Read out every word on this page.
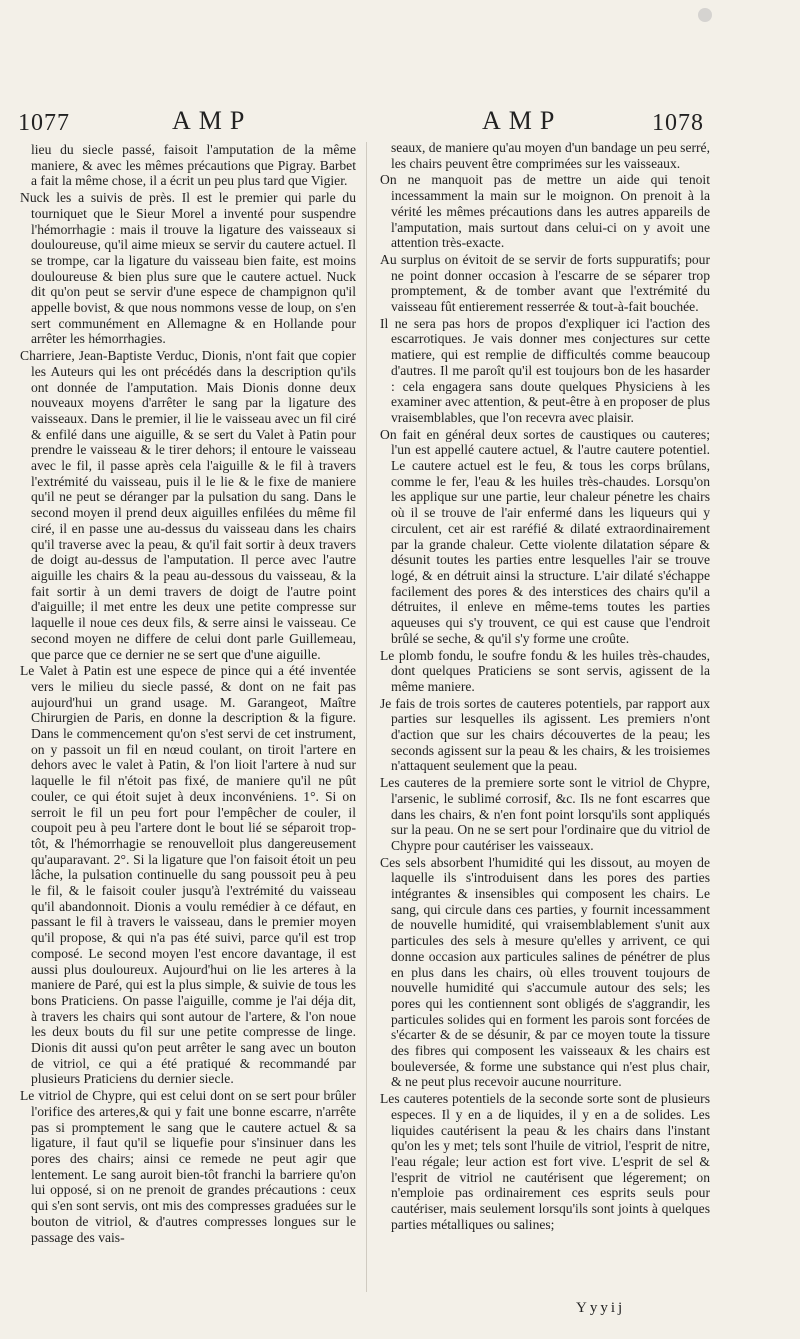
1077	AMP	AMP	1078

lieu du siecle passé, faisoit l'amputation de la même maniere, & avec les mêmes précautions que Pigray. Barbet a fait la même chose, il a écrit un peu plus tard que Vigier.

Nuck les a suivis de près. Il est le premier qui parle du tourniquet que le Sieur Morel a inventé pour suspendre l'hémorrhagie : mais il trouve la ligature des vaisseaux si douloureuse, qu'il aime mieux se servir du cautere actuel. Il se trompe, car la ligature du vaisseau bien faite, est moins douloureuse & bien plus sure que le cautere actuel. Nuck dit qu'on peut se servir d'une espece de champignon qu'il appelle bovist, & que nous nommons vesse de loup, on s'en sert communément en Allemagne & en Hollande pour arrêter les hémorrhagies.

Charriere, Jean-Baptiste Verduc, Dionis, n'ont fait que copier les Auteurs qui les ont précédés dans la description qu'ils ont donnée de l'amputation. Mais Dionis donne deux nouveaux moyens d'arrêter le sang par la ligature des vaisseaux. Dans le premier, il lie le vaisseau avec un fil ciré & enfilé dans une aiguille, & se sert du Valet à Patin pour prendre le vaisseau & le tirer dehors; il entoure le vaisseau avec le fil, il passe après cela l'aiguille & le fil à travers l'extrémité du vaisseau, puis il le lie & le fixe de maniere qu'il ne peut se déranger par la pulsation du sang. Dans le second moyen il prend deux aiguilles enfilées du même fil ciré, il en passe une au-dessus du vaisseau dans les chairs qu'il traverse avec la peau, & qu'il fait sortir à deux travers de doigt au-dessus de l'amputation. Il perce avec l'autre aiguille les chairs & la peau au-dessous du vaisseau, & la fait sortir à un demi travers de doigt de l'autre point d'aiguille; il met entre les deux une petite compresse sur laquelle il noue ces deux fils, & serre ainsi le vaisseau. Ce second moyen ne differe de celui dont parle Guillemeau, que parce que ce dernier ne se sert que d'une aiguille.

Le Valet à Patin est une espece de pince qui a été inventée vers le milieu du siecle passé, & dont on ne fait pas aujourd'hui un grand usage. M. Garangeot, Maître Chirurgien de Paris, en donne la description & la figure. Dans le commencement qu'on s'est servi de cet instrument, on y passoit un fil en nœud coulant, on tiroit l'artere en dehors avec le valet à Patin, & l'on lioit l'artere à nud sur laquelle le fil n'étoit pas fixé, de maniere qu'il ne pût couler, ce qui étoit sujet à deux inconvéniens. 1°. Si on serroit le fil un peu fort pour l'empêcher de couler, il coupoit peu à peu l'artere dont le bout lié se séparoit trop-tôt, & l'hémorrhagie se renouvelloit plus dangereusement qu'auparavant. 2°. Si la ligature que l'on faisoit étoit un peu lâche, la pulsation continuelle du sang poussoit peu à peu le fil, & le faisoit couler jusqu'à l'extrémité du vaisseau qu'il abandonnoit. Dionis a voulu remédier à ce défaut, en passant le fil à travers le vaisseau, dans le premier moyen qu'il propose, & qui n'a pas été suivi, parce qu'il est trop composé. Le second moyen l'est encore davantage, il est aussi plus douloureux. Aujourd'hui on lie les arteres à la maniere de Paré, qui est la plus simple, & suivie de tous les bons Praticiens. On passe l'aiguille, comme je l'ai déja dit, à travers les chairs qui sont autour de l'artere, & l'on noue les deux bouts du fil sur une petite compresse de linge. Dionis dit aussi qu'on peut arrêter le sang avec un bouton de vitriol, ce qui a été pratiqué & recommandé par plusieurs Praticiens du dernier siecle.

Le vitriol de Chypre, qui est celui dont on se sert pour brûler l'orifice des arteres,& qui y fait une bonne escarre, n'arrête pas si promptement le sang que le cautere actuel & sa ligature, il faut qu'il se liquefie pour s'insinuer dans les pores des chairs; ainsi ce remede ne peut agir que lentement. Le sang auroit bien-tôt franchi la barriere qu'on lui opposé, si on ne prenoit de grandes précautions : ceux qui s'en sont servis, ont mis des compresses graduées sur le bouton de vitriol, & d'autres compresses longues sur le passage des vais-

seaux, de maniere qu'au moyen d'un bandage un peu serré, les chairs peuvent être comprimées sur les vaisseaux.

On ne manquoit pas de mettre un aide qui tenoit incessamment la main sur le moignon. On prenoit à la vérité les mêmes précautions dans les autres appareils de l'amputation, mais surtout dans celui-ci on y avoit une attention très-exacte.

Au surplus on évitoit de se servir de forts suppuratifs; pour ne point donner occasion à l'escarre de se séparer trop promptement, & de tomber avant que l'extrémité du vaisseau fût entierement resserrée & tout-à-fait bouchée.

Il ne sera pas hors de propos d'expliquer ici l'action des escarrotiques. Je vais donner mes conjectures sur cette matiere, qui est remplie de difficultés comme beaucoup d'autres. Il me paroît qu'il est toujours bon de les hasarder : cela engagera sans doute quelques Physiciens à les examiner avec attention, & peut-être à en proposer de plus vraisemblables, que l'on recevra avec plaisir.

On fait en général deux sortes de caustiques ou cauteres; l'un est appellé cautere actuel, & l'autre cautere potentiel. Le cautere actuel est le feu, & tous les corps brûlans, comme le fer, l'eau & les huiles très-chaudes. Lorsqu'on les applique sur une partie, leur chaleur pénetre les chairs où il se trouve de l'air enfermé dans les liqueurs qui y circulent, cet air est raréfié & dilaté extraordinairement par la grande chaleur. Cette violente dilatation sépare & désunit toutes les parties entre lesquelles l'air se trouve logé, & en détruit ainsi la structure. L'air dilaté s'échappe facilement des pores & des interstices des chairs qu'il a détruites, il enleve en même-tems toutes les parties aqueuses qui s'y trouvent, ce qui est cause que l'endroit brûlé se seche, & qu'il s'y forme une croûte.

Le plomb fondu, le soufre fondu & les huiles très-chaudes, dont quelques Praticiens se sont servis, agissent de la même maniere.

Je fais de trois sortes de cauteres potentiels, par rapport aux parties sur lesquelles ils agissent. Les premiers n'ont d'action que sur les chairs découvertes de la peau; les seconds agissent sur la peau & les chairs, & les troisiemes n'attaquent seulement que la peau.

Les cauteres de la premiere sorte sont le vitriol de Chypre, l'arsenic, le sublimé corrosif, &c. Ils ne font escarres que dans les chairs, & n'en font point lorsqu'ils sont appliqués sur la peau. On ne se sert pour l'ordinaire que du vitriol de Chypre pour cautériser les vaisseaux.

Ces sels absorbent l'humidité qui les dissout, au moyen de laquelle ils s'introduisent dans les pores des parties intégrantes & insensibles qui composent les chairs. Le sang, qui circule dans ces parties, y fournit incessamment de nouvelle humidité, qui vraisemblablement s'unit aux particules des sels à mesure qu'elles y arrivent, ce qui donne occasion aux particules salines de pénétrer de plus en plus dans les chairs, où elles trouvent toujours de nouvelle humidité qui s'accumule autour des sels; les pores qui les contiennent sont obligés de s'aggrandir, les particules solides qui en forment les parois sont forcées de s'écarter & de se désunir, & par ce moyen toute la tissure des fibres qui composent les vaisseaux & les chairs est bouleversée, & forme une substance qui n'est plus chair, & ne peut plus recevoir aucune nourriture.

Les cauteres potentiels de la seconde sorte sont de plusieurs especes. Il y en a de liquides, il y en a de solides. Les liquides cautérisent la peau & les chairs dans l'instant qu'on les y met; tels sont l'huile de vitriol, l'esprit de nitre, l'eau régale; leur action est fort vive. L'esprit de sel & l'esprit de vitriol ne cautérisent que légerement; on n'emploie pas ordinairement ces esprits seuls pour cautériser, mais seulement lorsqu'ils sont joints à quelques parties métalliques ou salines;

Yyyij
